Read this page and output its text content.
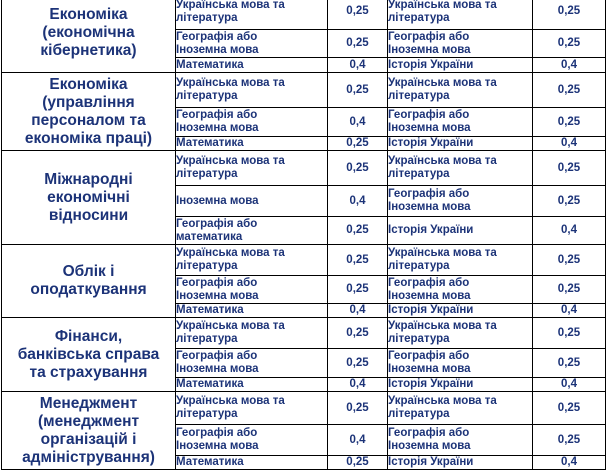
Економіка
(економічна
кібернетика)	Українська мова та
література	0,25	Українська мова та
література	0,25

	Географія або
Іноземна мова	0,25	Географія або
Іноземна мова	0,25

	Математика	0,4	Історія України	0,4

Економіка
(управління
персоналом та
економіка праці)	Українська мова та
література	0,25	Українська мова та
література	0,25

	Географія або
Іноземна мова	0,4	Географія або
Іноземна мова	0,25

	Математика	0,25	Історія України	0,4

Міжнародні
економічні
відносини	Українська мова та
література	0,25	Українська мова та
література	0,25

	Іноземна мова	0,4	Географія або
Іноземна мова	0,25

	Географія або
математика	0,25	Історія України	0,4

Облік і
оподаткування	Українська мова та
література	0,25	Українська мова та
література	0,25

	Географія або
Іноземна мова	0,25	Географія або
Іноземна мова	0,25

	Математика	0,4	Історія України	0,4

Фінанси,
банківська справа
та страхування	Українська мова та
література	0,25	Українська мова та
література	0,25

	Географія або
Іноземна мова	0,25	Географія або
Іноземна мова	0,25

	Математика	0,4	Історія України	0,4

Менеджмент
(менеджмент
організацій і
адміністрування)	Українська мова та
література	0,25	Українська мова та
література	0,25

	Географія або
Іноземна мова	0,4	Географія або
Іноземна мова	0,25

	Математика	0,25	Історія України	0,4
